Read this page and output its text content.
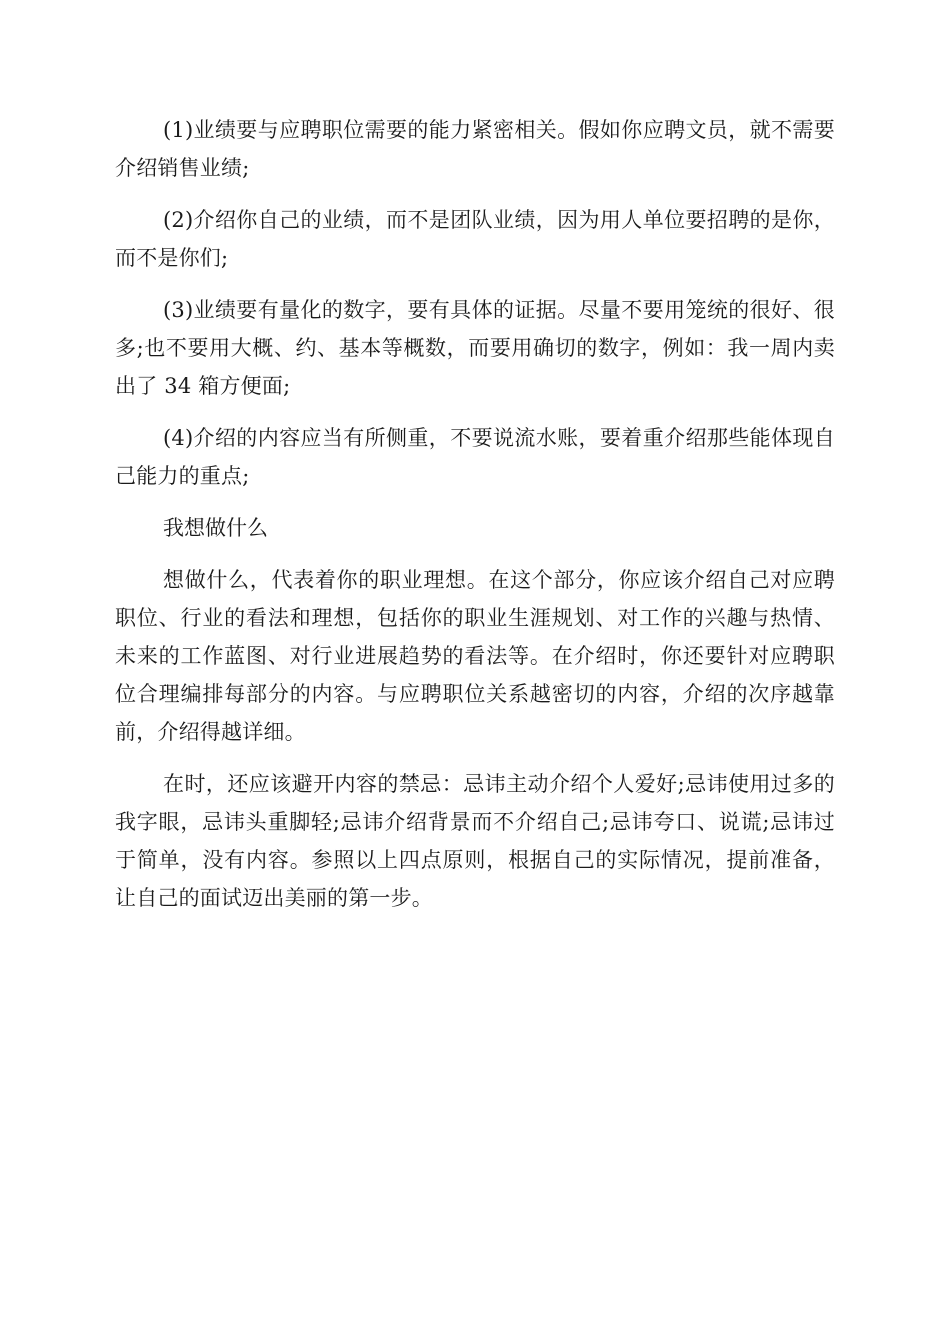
(1)业绩要与应聘职位需要的能力紧密相关。假如你应聘文员，就不需要介绍销售业绩;

(2)介绍你自己的业绩，而不是团队业绩，因为用人单位要招聘的是你，而不是你们;

(3)业绩要有量化的数字，要有具体的证据。尽量不要用笼统的很好、很多;也不要用大概、约、基本等概数，而要用确切的数字，例如：我一周内卖出了 34 箱方便面;

(4)介绍的内容应当有所侧重，不要说流水账，要着重介绍那些能体现自己能力的重点;

我想做什么

想做什么，代表着你的职业理想。在这个部分，你应该介绍自己对应聘职位、行业的看法和理想，包括你的职业生涯规划、对工作的兴趣与热情、未来的工作蓝图、对行业进展趋势的看法等。在介绍时，你还要针对应聘职位合理编排每部分的内容。与应聘职位关系越密切的内容，介绍的次序越靠前，介绍得越详细。

在时，还应该避开内容的禁忌：忌讳主动介绍个人爱好;忌讳使用过多的我字眼，忌讳头重脚轻;忌讳介绍背景而不介绍自己;忌讳夸口、说谎;忌讳过于简单，没有内容。参照以上四点原则，根据自己的实际情况，提前准备，让自己的面试迈出美丽的第一步。
